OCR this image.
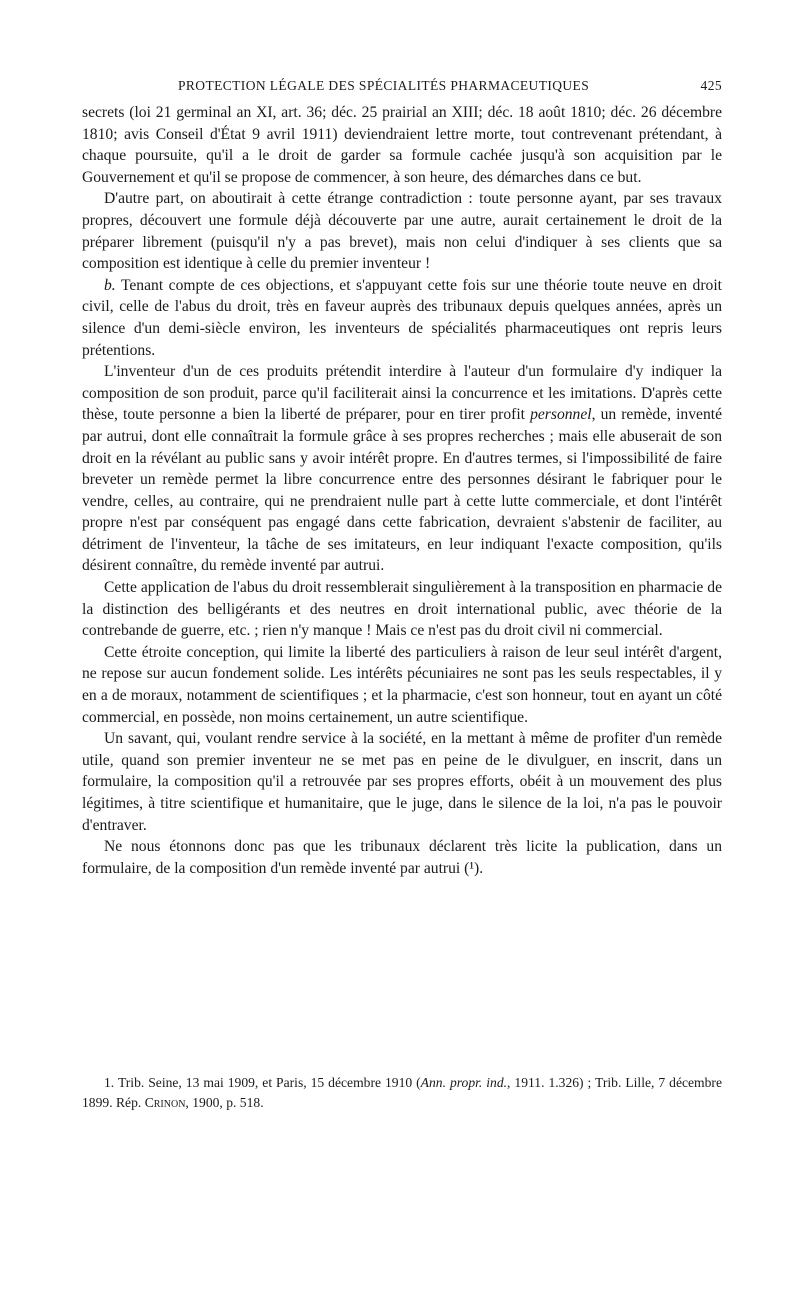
PROTECTION LÉGALE DES SPÉCIALITÉS PHARMACEUTIQUES	425

secrets (loi 21 germinal an XI, art. 36; déc. 25 prairial an XIII; déc. 18 août 1810; déc. 26 décembre 1810; avis Conseil d'État 9 avril 1911) deviendraient lettre morte, tout contrevenant prétendant, à chaque poursuite, qu'il a le droit de garder sa formule cachée jusqu'à son acquisition par le Gouvernement et qu'il se propose de commencer, à son heure, des démarches dans ce but.

D'autre part, on aboutirait à cette étrange contradiction : toute personne ayant, par ses travaux propres, découvert une formule déjà découverte par une autre, aurait certainement le droit de la préparer librement (puisqu'il n'y a pas brevet), mais non celui d'indiquer à ses clients que sa composition est identique à celle du premier inventeur !

b. Tenant compte de ces objections, et s'appuyant cette fois sur une théorie toute neuve en droit civil, celle de l'abus du droit, très en faveur auprès des tribunaux depuis quelques années, après un silence d'un demi-siècle environ, les inventeurs de spécialités pharmaceutiques ont repris leurs prétentions.

L'inventeur d'un de ces produits prétendit interdire à l'auteur d'un formulaire d'y indiquer la composition de son produit, parce qu'il faciliterait ainsi la concurrence et les imitations. D'après cette thèse, toute personne a bien la liberté de préparer, pour en tirer profit personnel, un remède, inventé par autrui, dont elle connaîtrait la formule grâce à ses propres recherches ; mais elle abuserait de son droit en la révélant au public sans y avoir intérêt propre. En d'autres termes, si l'impossibilité de faire breveter un remède permet la libre concurrence entre des personnes désirant le fabriquer pour le vendre, celles, au contraire, qui ne prendraient nulle part à cette lutte commerciale, et dont l'intérêt propre n'est par conséquent pas engagé dans cette fabrication, devraient s'abstenir de faciliter, au détriment de l'inventeur, la tâche de ses imitateurs, en leur indiquant l'exacte composition, qu'ils désirent connaître, du remède inventé par autrui.

Cette application de l'abus du droit ressemblerait singulièrement à la transposition en pharmacie de la distinction des belligérants et des neutres en droit international public, avec théorie de la contrebande de guerre, etc. ; rien n'y manque ! Mais ce n'est pas du droit civil ni commercial.

Cette étroite conception, qui limite la liberté des particuliers à raison de leur seul intérêt d'argent, ne repose sur aucun fondement solide. Les intérêts pécuniaires ne sont pas les seuls respectables, il y en a de moraux, notamment de scientifiques ; et la pharmacie, c'est son honneur, tout en ayant un côté commercial, en possède, non moins certainement, un autre scientifique.

Un savant, qui, voulant rendre service à la société, en la mettant à même de profiter d'un remède utile, quand son premier inventeur ne se met pas en peine de le divulguer, en inscrit, dans un formulaire, la composition qu'il a retrouvée par ses propres efforts, obéit à un mouvement des plus légitimes, à titre scientifique et humanitaire, que le juge, dans le silence de la loi, n'a pas le pouvoir d'entraver.

Ne nous étonnons donc pas que les tribunaux déclarent très licite la publication, dans un formulaire, de la composition d'un remède inventé par autrui (¹).

1. Trib. Seine, 13 mai 1909, et Paris, 15 décembre 1910 (Ann. propr. ind., 1911. 1.326) ; Trib. Lille, 7 décembre 1899. Rép. Crinon, 1900, p. 518.
